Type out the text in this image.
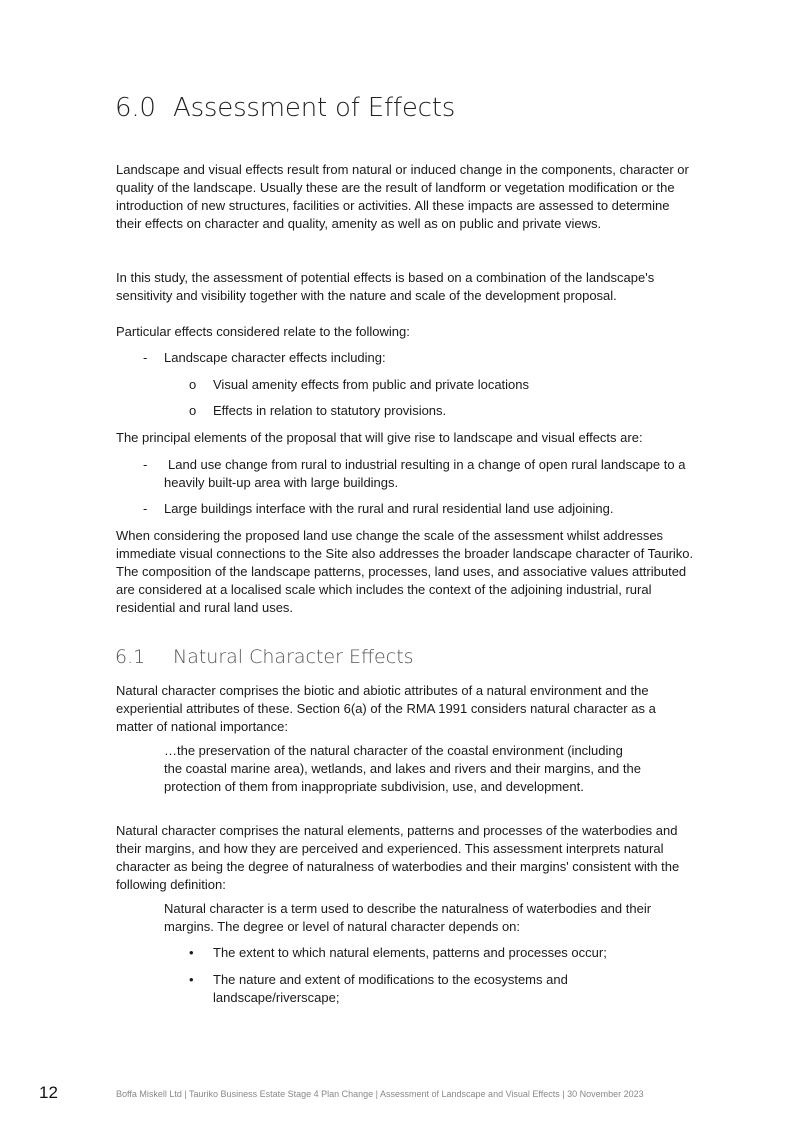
6.0 Assessment of Effects

Landscape and visual effects result from natural or induced change in the components, character or quality of the landscape. Usually these are the result of landform or vegetation modification or the introduction of new structures, facilities or activities. All these impacts are assessed to determine their effects on character and quality, amenity as well as on public and private views.

In this study, the assessment of potential effects is based on a combination of the landscape's sensitivity and visibility together with the nature and scale of the development proposal.

Particular effects considered relate to the following:

- Landscape character effects including:
o Visual amenity effects from public and private locations
o Effects in relation to statutory provisions.

The principal elements of the proposal that will give rise to landscape and visual effects are:

-	Land use change from rural to industrial resulting in a change of open rural landscape to a heavily built-up area with large buildings.

- Large buildings interface with the rural and rural residential land use adjoining.

When considering the proposed land use change the scale of the assessment whilst addresses immediate visual connections to the Site also addresses the broader landscape character of Tauriko. The composition of the landscape patterns, processes, land uses, and associative values attributed are considered at a localised scale which includes the context of the adjoining industrial, rural residential and rural land uses.

6.1 Natural Character Effects

Natural character comprises the biotic and abiotic attributes of a natural environment and the experiential attributes of these. Section 6(a) of the RMA 1991 considers natural character as a matter of national importance:

…the preservation of the natural character of the coastal environment (including the coastal marine area), wetlands, and lakes and rivers and their margins, and the protection of them from inappropriate subdivision, use, and development.

Natural character comprises the natural elements, patterns and processes of the waterbodies and their margins, and how they are perceived and experienced. This assessment interprets natural character as being the degree of naturalness of waterbodies and their margins' consistent with the following definition:

Natural character is a term used to describe the naturalness of waterbodies and their margins. The degree or level of natural character depends on:

• The extent to which natural elements, patterns and processes occur;
• The nature and extent of modifications to the ecosystems and landscape/riverscape;

12	Boffa Miskell Ltd | Tauriko Business Estate Stage 4 Plan Change | Assessment of Landscape and Visual Effects | 30 November 2023
